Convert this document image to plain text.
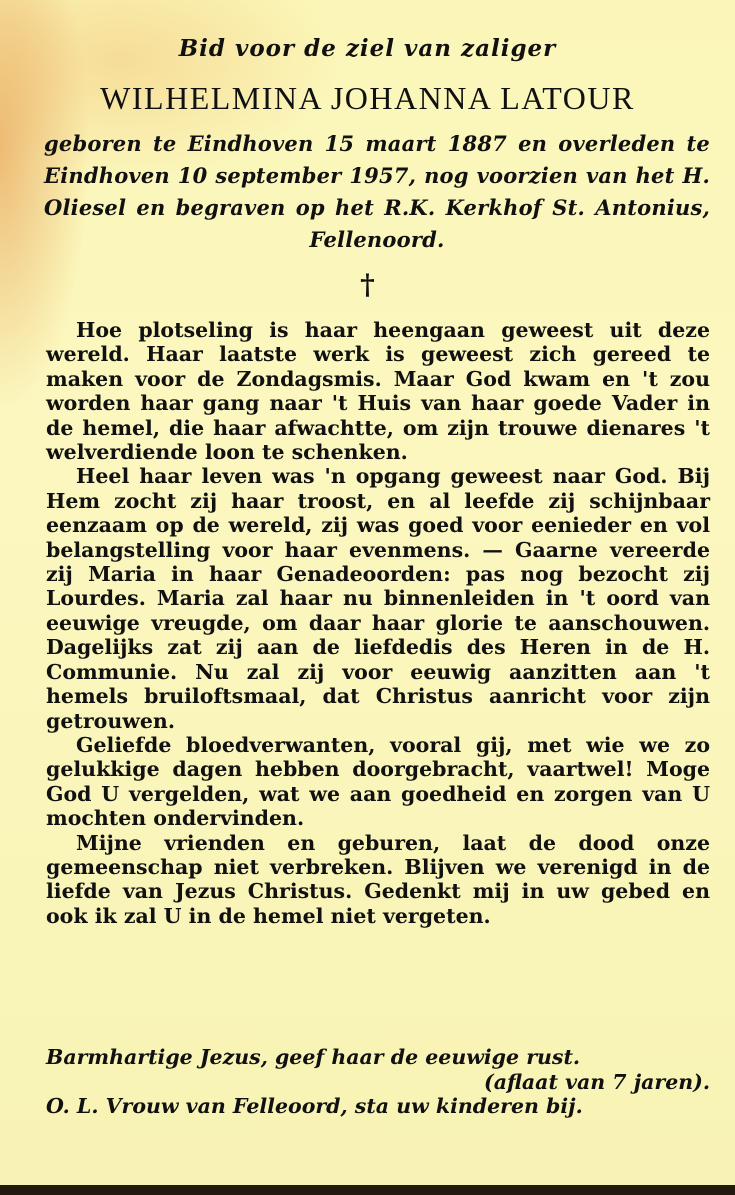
Bid voor de ziel van zaliger
WILHELMINA JOHANNA LATOUR
geboren te Eindhoven 15 maart 1887 en overleden te Eindhoven 10 september 1957, nog voorzien van het H. Oliesel en begraven op het R.K. Kerkhof St. Antonius, Fellenoord.
†

Hoe plotseling is haar heengaan geweest uit deze wereld. Haar laatste werk is geweest zich gereed te maken voor de Zondagsmis. Maar God kwam en 't zou worden haar gang naar 't Huis van haar goede Vader in de hemel, die haar afwachtte, om zijn trouwe dienares 't welverdiende loon te schenken.

Heel haar leven was 'n opgang geweest naar God. Bij Hem zocht zij haar troost, en al leefde zij schijnbaar eenzaam op de wereld, zij was goed voor eenieder en vol belangstelling voor haar evenmens. — Gaarne vereerde zij Maria in haar Genadeoorden: pas nog bezocht zij Lourdes. Maria zal haar nu binnenleiden in 't oord van eeuwige vreugde, om daar haar glorie te aanschouwen. Dagelijks zat zij aan de liefdedis des Heren in de H. Communie. Nu zal zij voor eeuwig aanzitten aan 't hemels bruiloftsmaal, dat Christus aanricht voor zijn getrouwen.

Geliefde bloedverwanten, vooral gij, met wie we zo gelukkige dagen hebben doorgebracht, vaartwel! Moge God U vergelden, wat we aan goedheid en zorgen van U mochten ondervinden.

Mijne vrienden en geburen, laat de dood onze gemeenschap niet verbreken. Blijven we verenigd in de liefde van Jezus Christus. Gedenkt mij in uw gebed en ook ik zal U in de hemel niet vergeten.

Barmhartige Jezus, geef haar de eeuwige rust.
(aflaat van 7 jaren).
O. L. Vrouw van Felleoord, sta uw kinderen bij.
